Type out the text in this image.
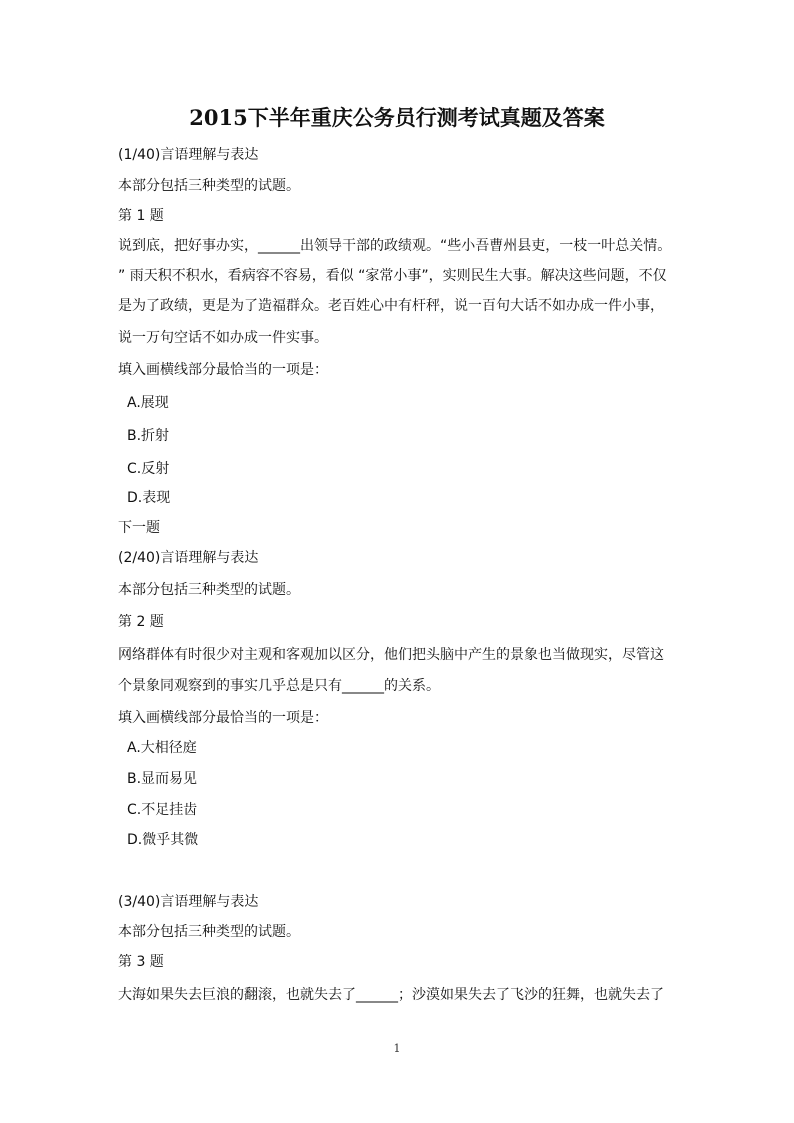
2015下半年重庆公务员行测考试真题及答案
(1/40)言语理解与表达
本部分包括三种类型的试题。
第 1 题
说到底，把好事办实，______出领导干部的政绩观。“些小吾曹州县吏，一枝一叶总关情。
” 雨天积不积水，看病容不容易，看似 “家常小事”，实则民生大事。解决这些问题，不仅
是为了政绩，更是为了造福群众。老百姓心中有杆秤，说一百句大话不如办成一件小事，
说一万句空话不如办成一件实事。
填入画横线部分最恰当的一项是：
A.展现
B.折射
C.反射
D.表现
下一题
(2/40)言语理解与表达
本部分包括三种类型的试题。
第 2 题
网络群体有时很少对主观和客观加以区分，他们把头脑中产生的景象也当做现实，尽管这
个景象同观察到的事实几乎总是只有______的关系。
填入画横线部分最恰当的一项是：
A.大相径庭
B.显而易见
C.不足挂齿
D.微乎其微
(3/40)言语理解与表达
本部分包括三种类型的试题。
第 3 题
大海如果失去巨浪的翻滚，也就失去了______；沙漠如果失去了飞沙的狂舞，也就失去了
1
